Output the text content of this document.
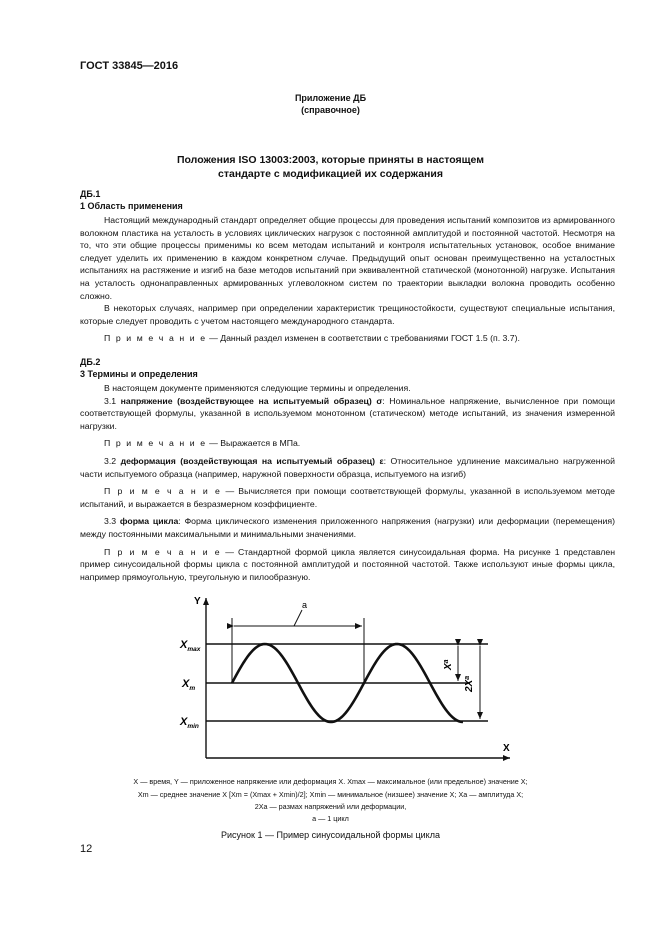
ГОСТ 33845—2016
Приложение ДБ
(справочное)
Положения ISO 13003:2003, которые приняты в настоящем
стандарте с модификацией их содержания
ДБ.1
1 Область применения

Настоящий международный стандарт определяет общие процессы для проведения испытаний композитов из армированного волокном пластика на усталость в условиях циклических нагрузок с постоянной амплитудой и постоянной частотой. Несмотря на то, что эти общие процессы применимы ко всем методам испытаний и контроля испытательных установок, особое внимание следует уделить их применению в каждом конкретном случае. Предыдущий опыт основан преимущественно на усталостных испытаниях на растяжение и изгиб на базе методов испытаний при эквивалентной статической (монотонной) нагрузке. Испытания на усталость однонаправленных армированных углеволокном систем по траектории выкладки волокна проводить особенно сложно.

В некоторых случаях, например при определении характеристик трещиностойкости, существуют специальные испытания, которые следует проводить с учетом настоящего международного стандарта.

П р и м е ч а н и е — Данный раздел изменен в соответствии с требованиями ГОСТ 1.5 (п. 3.7).

ДБ.2
3 Термины и определения

В настоящем документе применяются следующие термины и определения.

3.1 напряжение (воздействующее на испытуемый образец) σ: Номинальное напряжение, вычисленное при помощи соответствующей формулы, указанной в используемом монотонном (статическом) методе испытаний, из значения измеренной нагрузки.

П р и м е ч а н и е — Выражается в МПа.

3.2 деформация (воздействующая на испытуемый образец) ε: Относительное удлинение максимально нагруженной части испытуемого образца (например, наружной поверхности образца, испытуемого на изгиб)

П р и м е ч а н и е — Вычисляется при помощи соответствующей формулы, указанной в используемом методе испытаний, и выражается в безразмерном коэффициенте.

3.3 форма цикла: Форма циклического изменения приложенного напряжения (нагрузки) или деформации (перемещения) между постоянными максимальными и минимальными значениями.

П р и м е ч а н и е — Стандартной формой цикла является синусоидальная форма. На рисунке 1 представлен пример синусоидальной формы цикла с постоянной амплитудой и постоянной частотой. Также используют иные формы цикла, например прямоугольную, треугольную и пилообразную.

a
$X^a$
$2X^a$
Y
X
$X_{max}$
$X_m$
$X_{min}$
X — время, Y — приложенное напряжение или деформация X. Xmax — максимальное (или предельное) значение X;
Xm — среднее значение X [Xm = (Xmax + Xmin)/2]; Xmin — минимальное (низшее) значение X; Xa — амплитуда X;
2Xa — размах напряжений или деформации,
a — 1 цикл
Рисунок 1 — Пример синусоидальной формы цикла
12
